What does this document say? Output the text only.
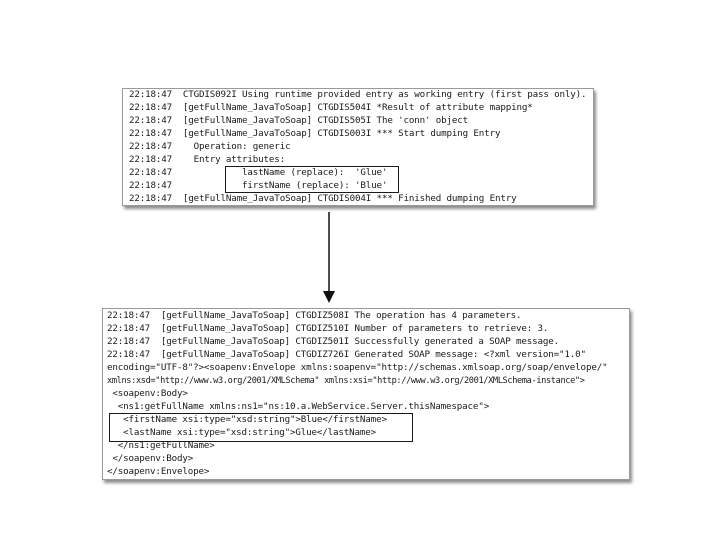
22:18:47 CTGDIS092I Using runtime provided entry as working entry (first pass only).
22:18:47 [getFullName_JavaToSoap] CTGDIS504I *Result of attribute mapping*
22:18:47 [getFullName_JavaToSoap] CTGDIS505I The 'conn' object
22:18:47 [getFullName_JavaToSoap] CTGDIS003I *** Start dumping Entry
22:18:47    Operation: generic
22:18:47    Entry attributes:
22:18:47             lastName (replace):  'Glue'
22:18:47             firstName (replace): 'Blue'
22:18:47 [getFullName_JavaToSoap] CTGDIS004I *** Finished dumping Entry
22:18:47  [getFullName_JavaToSoap] CTGDIZ508I The operation has 4 parameters.
22:18:47  [getFullName_JavaToSoap] CTGDIZ510I Number of parameters to retrieve: 3.
22:18:47  [getFullName_JavaToSoap] CTGDIZ501I Successfully generated a SOAP message.
22:18:47  [getFullName_JavaToSoap] CTGDIZ726I Generated SOAP message: <?xml version="1.0"
encoding="UTF-8"?><soapenv:Envelope xmlns:soapenv="http://schemas.xmlsoap.org/soap/envelope/"
xmlns:xsd="http://www.w3.org/2001/XMLSchema" xmlns:xsi="http://www.w3.org/2001/XMLSchema-instance">
<soapenv:Body>
<ns1:getFullName xmlns:ns1="ns:10.a.WebService.Server.thisNamespace">
<firstName xsi:type="xsd:string">Blue</firstName>
<lastName xsi:type="xsd:string">Glue</lastName>
</ns1:getFullName>
</soapenv:Body>
</soapenv:Envelope>
